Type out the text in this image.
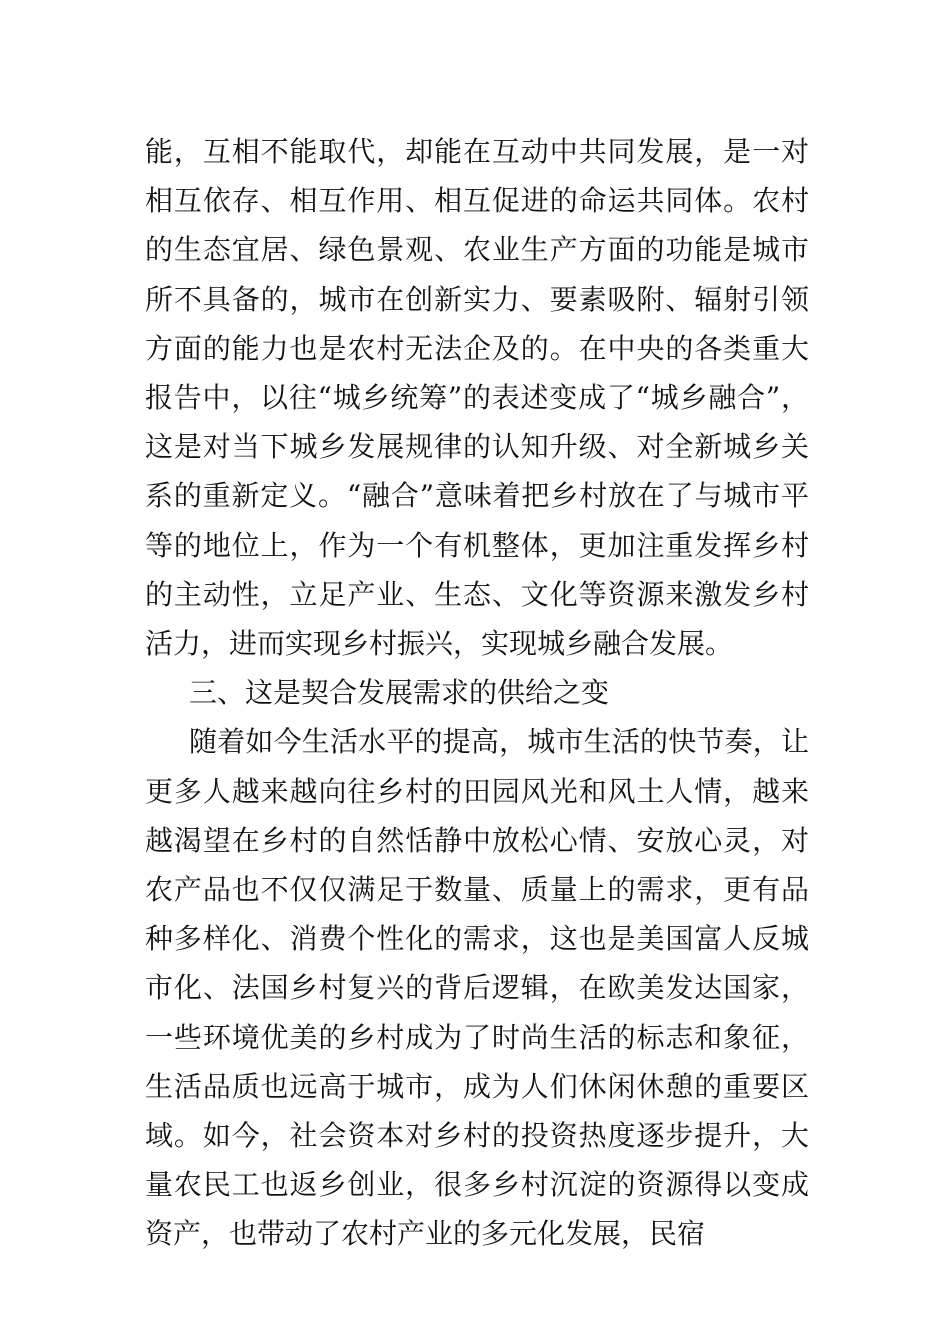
能，互相不能取代，却能在互动中共同发展，是一对相互依存、相互作用、相互促进的命运共同体。农村的生态宜居、绿色景观、农业生产方面的功能是城市所不具备的，城市在创新实力、要素吸附、辐射引领方面的能力也是农村无法企及的。在中央的各类重大报告中，以往“城乡统筹”的表述变成了“城乡融合”，这是对当下城乡发展规律的认知升级、对全新城乡关系的重新定义。“融合”意味着把乡村放在了与城市平等的地位上，作为一个有机整体，更加注重发挥乡村的主动性，立足产业、生态、文化等资源来激发乡村活力，进而实现乡村振兴，实现城乡融合发展。

三、这是契合发展需求的供给之变

随着如今生活水平的提高，城市生活的快节奏，让更多人越来越向往乡村的田园风光和风土人情，越来越渴望在乡村的自然恬静中放松心情、安放心灵，对农产品也不仅仅满足于数量、质量上的需求，更有品种多样化、消费个性化的需求，这也是美国富人反城市化、法国乡村复兴的背后逻辑，在欧美发达国家，一些环境优美的乡村成为了时尚生活的标志和象征，生活品质也远高于城市，成为人们休闲休憩的重要区域。如今，社会资本对乡村的投资热度逐步提升，大量农民工也返乡创业，很多乡村沉淀的资源得以变成资产，也带动了农村产业的多元化发展，民宿
